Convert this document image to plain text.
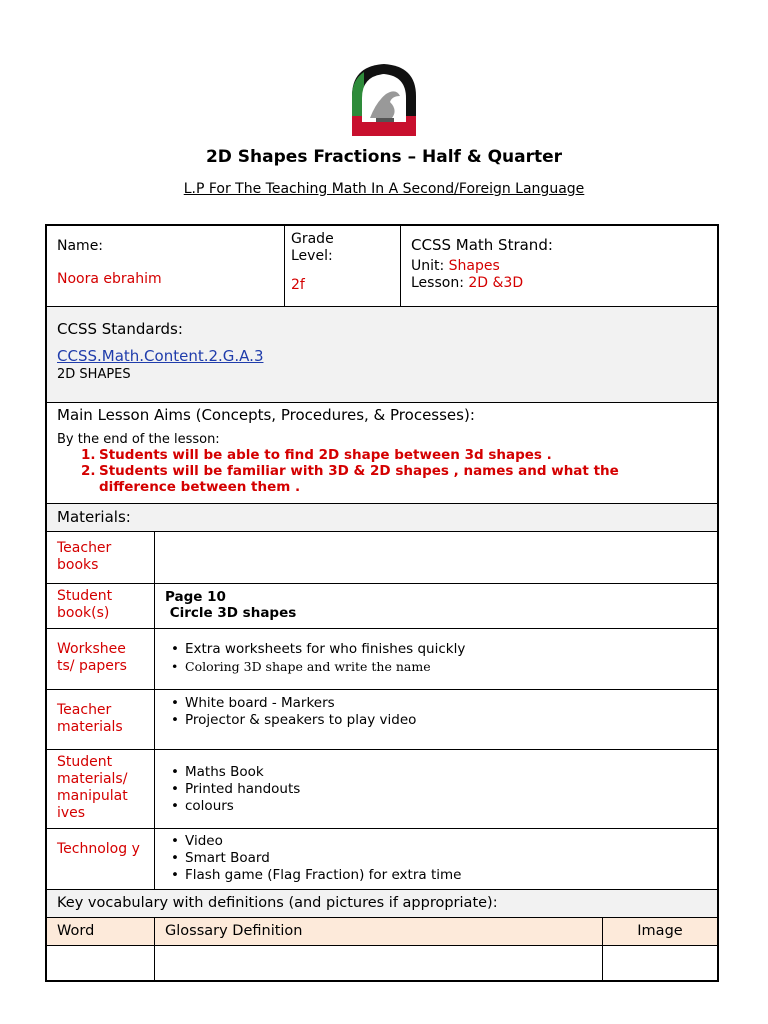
2D Shapes Fractions – Half & Quarter
L.P For The Teaching Math In A Second/Foreign Language
Name:
Noora ebrahim
Grade Level:
2f
CCSS Math Strand:
Unit: Shapes
Lesson: 2D &3D
CCSS Standards:
CCSS.Math.Content.2.G.A.3
2D SHAPES
Main Lesson Aims (Concepts, Procedures, & Processes):
By the end of the lesson:
1. Students will be able to find 2D shape between 3d shapes .
2. Students will be familiar with 3D & 2D shapes , names and what the difference between them .
Materials:
Teacher books
Student book(s)
Page 10
Circle 3D shapes
Workshee ts/ papers
• Extra worksheets for who finishes quickly
• Coloring 3D shape and write the name
Teacher materials
• White board - Markers
• Projector & speakers to play video
Student materials/ manipulat ives
• Maths Book
• Printed handouts
• colours
Technolog y
•	Video
• Smart Board
• Flash game (Flag Fraction) for extra time
Key vocabulary with definitions (and pictures if appropriate):
Word	Glossary Definition	Image
